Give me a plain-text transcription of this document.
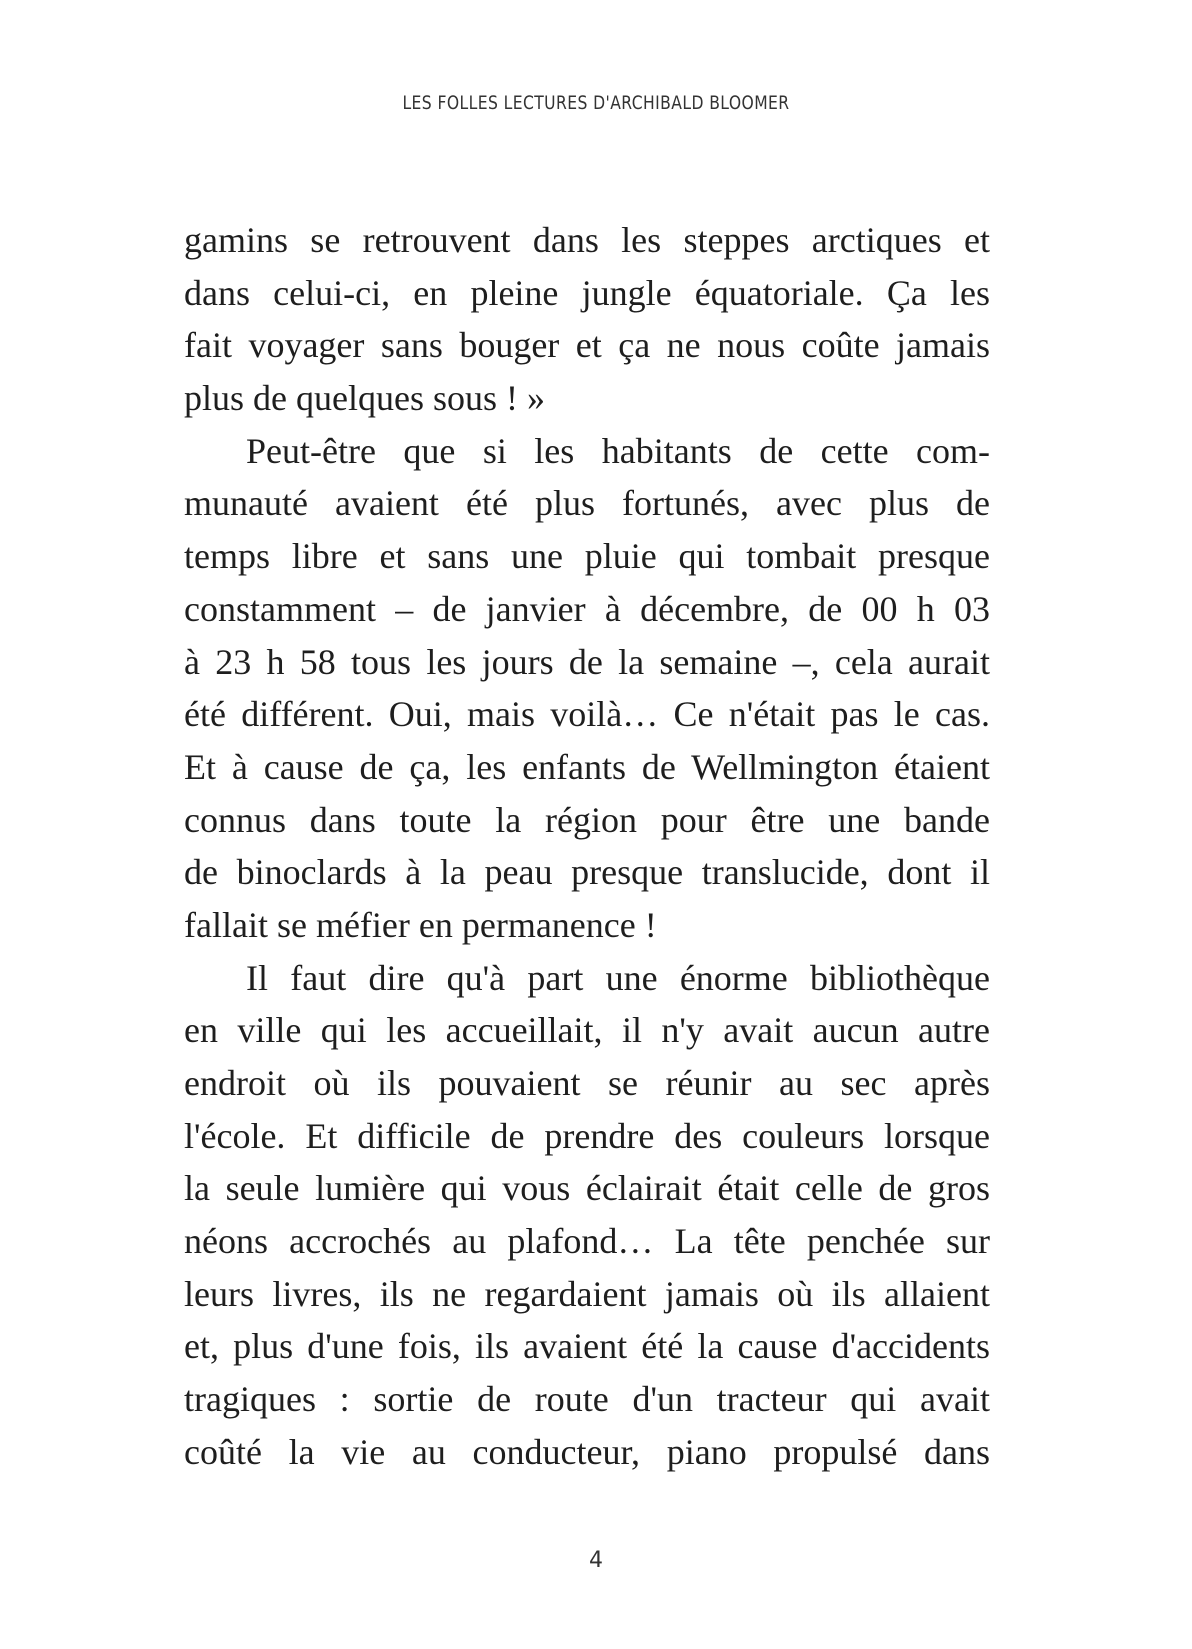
LES FOLLES LECTURES D'ARCHIBALD BLOOMER
gamins se retrouvent dans les steppes arctiques et
dans celui-ci, en pleine jungle équatoriale. Ça les
fait voyager sans bouger et ça ne nous coûte jamais
plus de quelques sous ! »
Peut-être que si les habitants de cette com-
munauté avaient été plus fortunés, avec plus de
temps libre et sans une pluie qui tombait presque
constamment – de janvier à décembre, de 00 h 03
à 23 h 58 tous les jours de la semaine –, cela aurait
été différent. Oui, mais voilà… Ce n'était pas le cas.
Et à cause de ça, les enfants de Wellmington étaient
connus dans toute la région pour être une bande
de binoclards à la peau presque translucide, dont il
fallait se méfier en permanence !
Il faut dire qu'à part une énorme bibliothèque
en ville qui les accueillait, il n'y avait aucun autre
endroit où ils pouvaient se réunir au sec après
l'école. Et difficile de prendre des couleurs lorsque
la seule lumière qui vous éclairait était celle de gros
néons accrochés au plafond… La tête penchée sur
leurs livres, ils ne regardaient jamais où ils allaient
et, plus d'une fois, ils avaient été la cause d'accidents
tragiques : sortie de route d'un tracteur qui avait
coûté la vie au conducteur, piano propulsé dans
4
